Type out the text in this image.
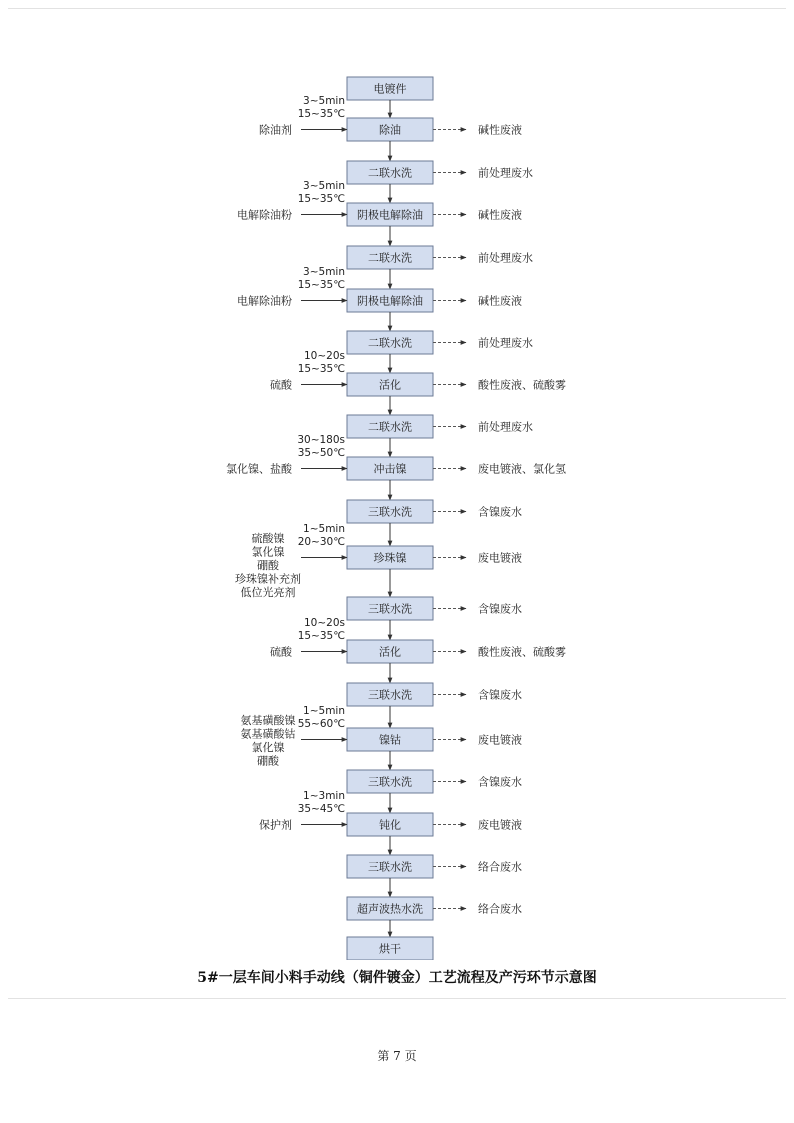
电镀件
除油	碱性废液
除油剂
3~5min
15~35℃
二联水洗	前处理废水
阴极电解除油	碱性废液
电解除油粉
3~5min
15~35℃
二联水洗	前处理废水
阴极电解除油	碱性废液
电解除油粉
3~5min
15~35℃
二联水洗	前处理废水
活化	酸性废液、硫酸雾
硫酸
10~20s
15~35℃
二联水洗	前处理废水
冲击镍	废电镀液、氯化氢
氯化镍、盐酸
30~180s
35~50℃
三联水洗	含镍废水
珍珠镍	废电镀液
硫酸镍
氯化镍
硼酸
珍珠镍补充剂
低位光亮剂
1~5min
20~30℃
三联水洗	含镍废水
活化	酸性废液、硫酸雾
硫酸
10~20s
15~35℃
三联水洗	含镍废水
镍钴	废电镀液
氨基磺酸镍
氨基磺酸钴
氯化镍
硼酸
1~5min
55~60℃
三联水洗	含镍废水
钝化	废电镀液
保护剂
1~3min
35~45℃
三联水洗	络合废水
超声波热水洗	络合废水
烘干
5#一层车间小料手动线（铜件镀金）工艺流程及产污环节示意图
第 7 页
